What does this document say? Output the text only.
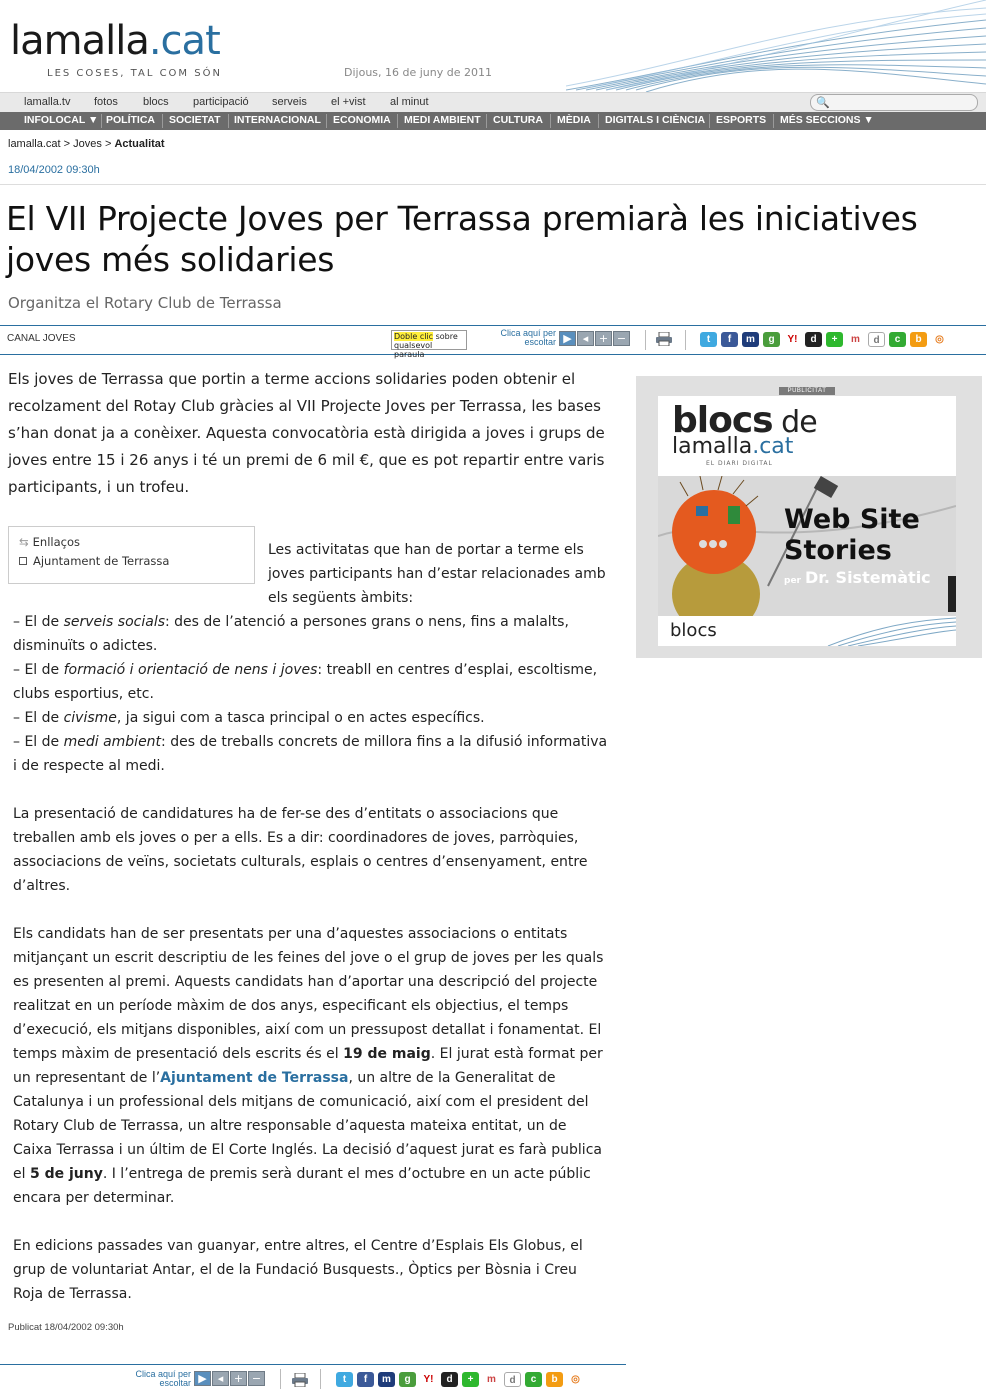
lamalla.cat
LES COSES, TAL COM SÓN	Dijous, 16 de juny de 2011
lamalla.tv fotos blocs participació serveis el +vist al minut	🔍
INFOLOCAL ▼ POLÍTICA SOCIETAT INTERNACIONAL ECONOMIA MEDI AMBIENT CULTURA MÈDIA DIGITALS I CIÈNCIA ESPORTS MÉS SECCIONS ▼
lamalla.cat > Joves > Actualitat
18/04/2002 09:30h
El VII Projecte Joves per Terrassa premiarà les iniciatives joves més solidaries
Organitza el Rotary Club de Terrassa
CANAL JOVES	Doble clic sobre qualsevol paraula
Clica aquí per escoltar ▶	◂ + −	t	f	m	g	Y!	d	+	m	d	c	b	◎
Els joves de Terrassa que portin a terme accions solidaries poden obtenir el recolzament del Rotay Club gràcies al VII Projecte Joves per Terrassa, les bases s’han donat ja a conèixer. Aquesta convocatòria està dirigida a joves i grups de joves entre 15 i 26 anys i té un premi de 6 mil €, que es pot repartir entre varis participants, i un trofeu.
⇆ Enllaços
Ajuntament de Terrassa
Les activitatas que han de portar a terme els joves participants han d’estar relacionades amb els següents àmbits:

– El de serveis socials: des de l’atenció a persones grans o nens, fins a malalts, disminuïts o adictes.

– El de formació i orientació de nens i joves: treabll en centres d’esplai, escoltisme, clubs esportius, etc.

– El de civisme, ja sigui com a tasca principal o en actes específics.

– El de medi ambient: des de treballs concrets de millora fins a la difusió informativa i de respecte al medi.

La presentació de candidatures ha de fer-se des d’entitats o associacions que treballen amb els joves o per a ells. Es a dir: coordinadores de joves, parròquies, associacions de veïns, societats culturals, esplais o centres d’ensenyament, entre d’altres.
Els candidats han de ser presentats per una d’aquestes associacions o entitats mitjançant un escrit descriptiu de les feines del jove o el grup de joves per les quals es presenten al premi. Aquests candidats han d’aportar una descripció del projecte realitzat en un període màxim de dos anys, especificant els objectius, el temps d’execució, els mitjans disponibles, així com un pressupost detallat i fonamentat. El temps màxim de presentació dels escrits és el 19 de maig. El jurat està format per un representant de l’Ajuntament de Terrassa, un altre de la Generalitat de Catalunya i un professional dels mitjans de comunicació, així com el president del Rotary Club de Terrassa, un altre responsable d’aquesta mateixa entitat, un de Caixa Terrassa i un últim de El Corte Inglés. La decisió d’aquest jurat es farà publica el 5 de juny. I l’entrega de premis serà durant el mes d’octubre en un acte públic encara per determinar.
En edicions passades van guanyar, entre altres, el Centre d’Esplais Els Globus, el grup de voluntariat Antar, el de la Fundació Busquests., Òptics per Bòsnia i Creu Roja de Terrassa.
Publicat 18/04/2002 09:30h
Clica aquí per escoltar ▶	◂ + −	t	f	m	g	Y!	d	+	m	d	c	b	◎
PUBLICITAT
blocs de
lamalla.cat
EL DIARI DIGITAL
Web Site
Stories
per Dr. Sistemàtic
blocs
